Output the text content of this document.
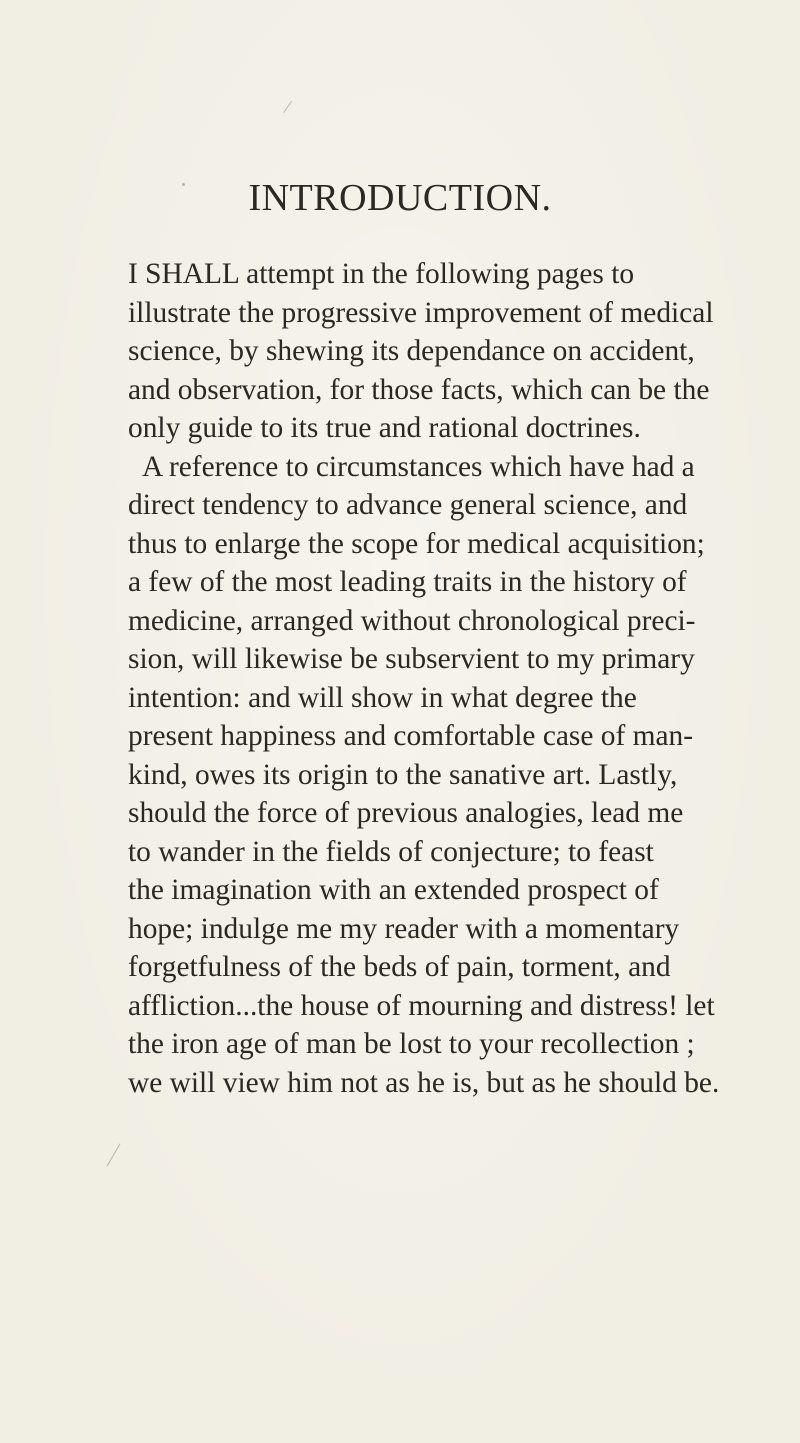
INTRODUCTION.
I SHALL attempt in the following pages to
illustrate the progressive improvement of medical
science, by shewing its dependance on accident,
and observation, for those facts, which can be the
only guide to its true and rational doctrines.
A reference to circumstances which have had a
direct tendency to advance general science, and
thus to enlarge the scope for medical acquisition;
a few of the most leading traits in the history of
medicine, arranged without chronological preci-
sion, will likewise be subservient to my primary
intention: and will show in what degree the
present happiness and comfortable case of man-
kind, owes its origin to the sanative art. Lastly,
should the force of previous analogies, lead me
to wander in the fields of conjecture; to feast
the imagination with an extended prospect of
hope; indulge me my reader with a momentary
forgetfulness of the beds of pain, torment, and
affliction...the house of mourning and distress! let
the iron age of man be lost to your recollection ;
we will view him not as he is, but as he should be.
